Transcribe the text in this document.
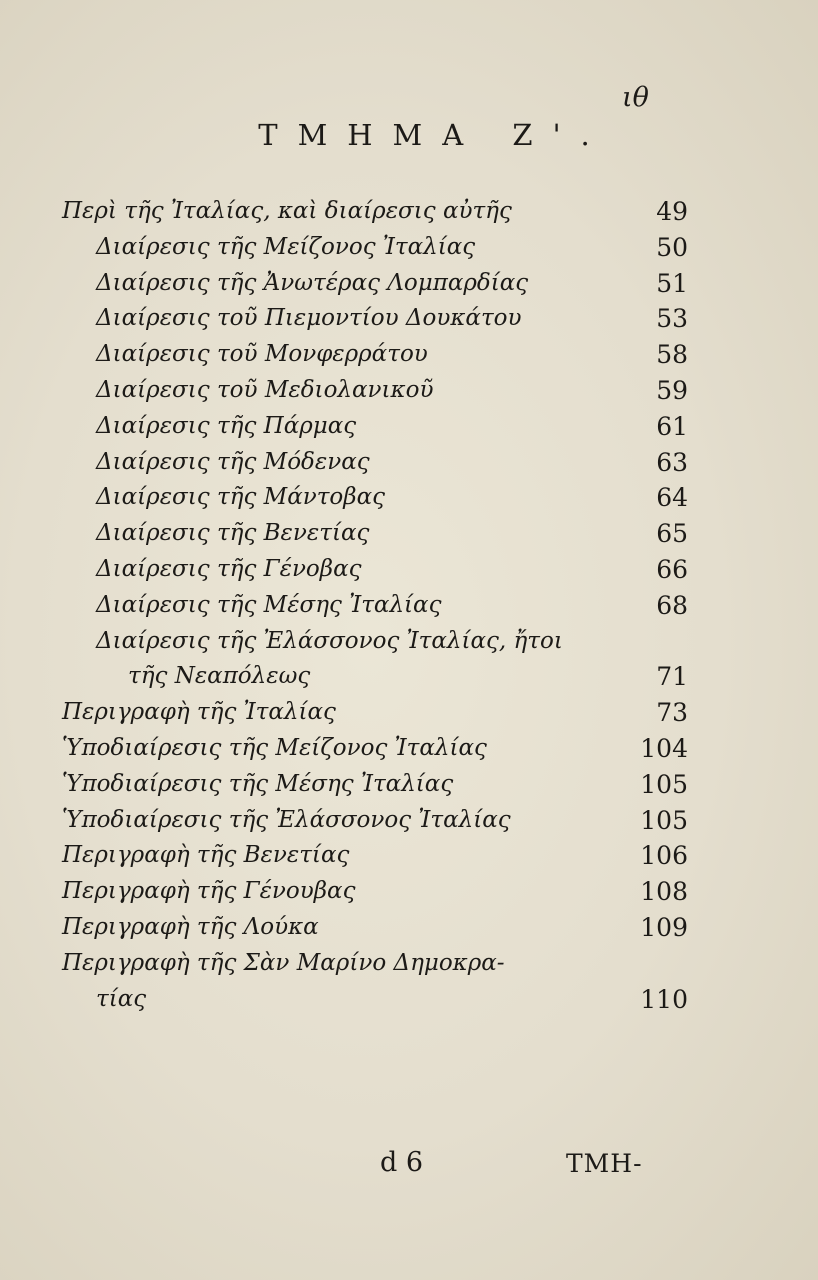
ιθ
ΤΜΗΜΑ Ζ'.
Περὶ τῆς Ἰταλίας, καὶ διαίρεσις αὐτῆς	49
Διαίρεσις τῆς Μείζονος Ἰταλίας	50
Διαίρεσις τῆς Ἀνωτέρας Λομπαρδίας	51
Διαίρεσις τοῦ Πιεμοντίου Δουκάτου	53
Διαίρεσις τοῦ Μονφερράτου	58
Διαίρεσις τοῦ Μεδιολανικοῦ	59
Διαίρεσις τῆς Πάρμας	61
Διαίρεσις τῆς Μόδενας	63
Διαίρεσις τῆς Μάντοβας	64
Διαίρεσις τῆς Βενετίας	65
Διαίρεσις τῆς Γένοβας	66
Διαίρεσις τῆς Μέσης Ἰταλίας	68
Διαίρεσις τῆς Ἐλάσσονος Ἰταλίας, ἤτοι
τῆς Νεαπόλεως	71
Περιγραφὴ τῆς Ἰταλίας	73
Ὑποδιαίρεσις τῆς Μείζονος Ἰταλίας	104
Ὑποδιαίρεσις τῆς Μέσης Ἰταλίας	105
Ὑποδιαίρεσις τῆς Ἐλάσσονος Ἰταλίας	105
Περιγραφὴ τῆς Βενετίας	106
Περιγραφὴ τῆς Γένουβας	108
Περιγραφὴ τῆς Λούκα	109
Περιγραφὴ τῆς Σὰν Μαρίνο Δημοκρα-
τίας	110
d 6	ΤΜΗ-
